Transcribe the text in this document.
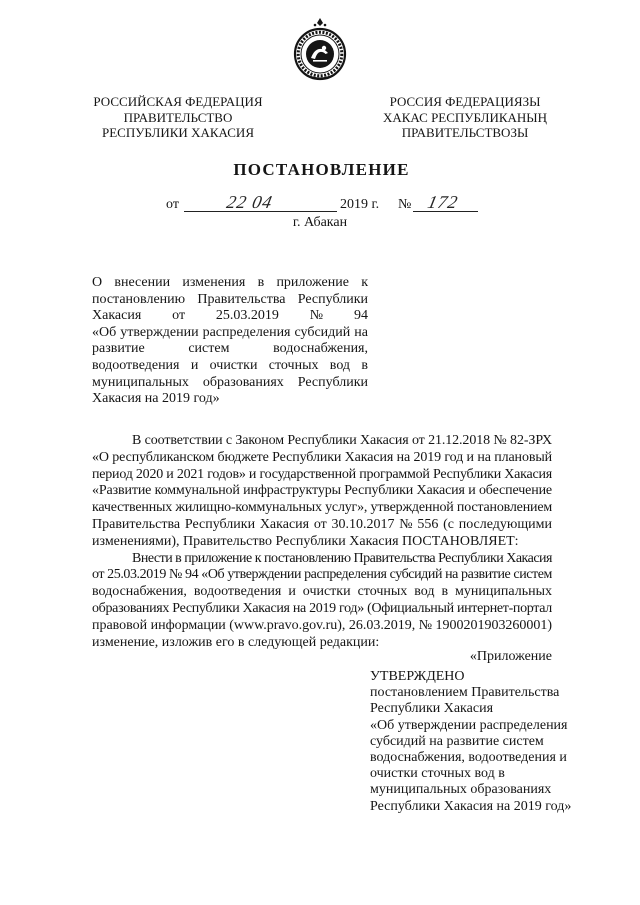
РОССИЙСКАЯ ФЕДЕРАЦИЯ
ПРАВИТЕЛЬСТВО
РЕСПУБЛИКИ ХАКАСИЯ
РОССИЯ ФЕДЕРАЦИЯЗЫ
ХАКАС РЕСПУБЛИКАНЫҢ
ПРАВИТЕЛЬСТВОЗЫ
ПОСТАНОВЛЕНИЕ
от	22 04	2019 г. № 172
г. Абакан
О внесении изменения в приложение к
постановлению Правительства Республики
Хакасия от 25.03.2019 № 94
«Об утверждении распределения субсидий на
развитие систем водоснабжения,
водоотведения и очистки сточных вод в
муниципальных образованиях Республики
Хакасия на 2019 год»
В соответствии с Законом Республики Хакасия от 21.12.2018 № 82-ЗРХ
«О республиканском бюджете Республики Хакасия на 2019 год и на плановый
период 2020 и 2021 годов» и государственной программой Республики Хакасия
«Развитие коммунальной инфраструктуры Республики Хакасия и обеспечение
качественных жилищно-коммунальных услуг», утвержденной постановлением
Правительства Республики Хакасия от 30.10.2017 № 556 (с последующими
изменениями), Правительство Республики Хакасия ПОСТАНОВЛЯЕТ:
Внести в приложение к постановлению Правительства Республики Хакасия
от 25.03.2019 № 94 «Об утверждении распределения субсидий на развитие систем
водоснабжения, водоотведения и очистки сточных вод в муниципальных
образованиях Республики Хакасия на 2019 год» (Официальный интернет-портал
правовой информации (www.pravo.gov.ru), 26.03.2019, № 1900201903260001)
изменение, изложив его в следующей редакции:
«Приложение
УТВЕРЖДЕНО
постановлением Правительства
Республики Хакасия
«Об утверждении распределения
субсидий на развитие систем
водоснабжения, водоотведения и
очистки сточных вод в
муниципальных образованиях
Республики Хакасия на 2019 год»
